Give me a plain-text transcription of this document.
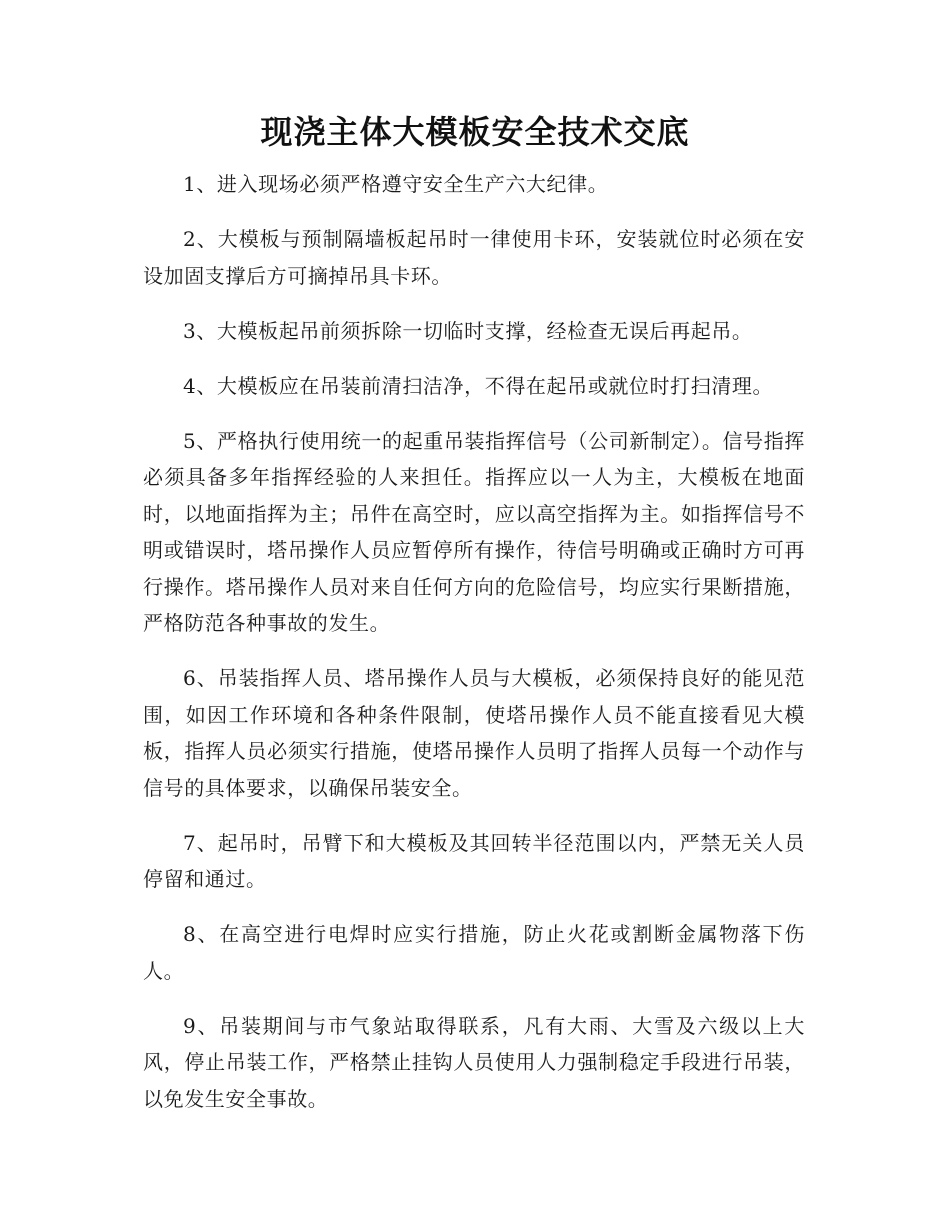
现浇主体大模板安全技术交底

1、进入现场必须严格遵守安全生产六大纪律。

2、大模板与预制隔墙板起吊时一律使用卡环，安装就位时必须在安设加固支撑后方可摘掉吊具卡环。

3、大模板起吊前须拆除一切临时支撑，经检查无误后再起吊。

4、大模板应在吊装前清扫洁净，不得在起吊或就位时打扫清理。

5、严格执行使用统一的起重吊装指挥信号（公司新制定）。信号指挥必须具备多年指挥经验的人来担任。指挥应以一人为主，大模板在地面时，以地面指挥为主；吊件在高空时，应以高空指挥为主。如指挥信号不明或错误时，塔吊操作人员应暂停所有操作，待信号明确或正确时方可再行操作。塔吊操作人员对来自任何方向的危险信号，均应实行果断措施，严格防范各种事故的发生。

6、吊装指挥人员、塔吊操作人员与大模板，必须保持良好的能见范围，如因工作环境和各种条件限制，使塔吊操作人员不能直接看见大模板，指挥人员必须实行措施，使塔吊操作人员明了指挥人员每一个动作与信号的具体要求，以确保吊装安全。

7、起吊时，吊臂下和大模板及其回转半径范围以内，严禁无关人员停留和通过。

8、在高空进行电焊时应实行措施，防止火花或割断金属物落下伤人。

9、吊装期间与市气象站取得联系，凡有大雨、大雪及六级以上大风，停止吊装工作，严格禁止挂钩人员使用人力强制稳定手段进行吊装，以免发生安全事故。
